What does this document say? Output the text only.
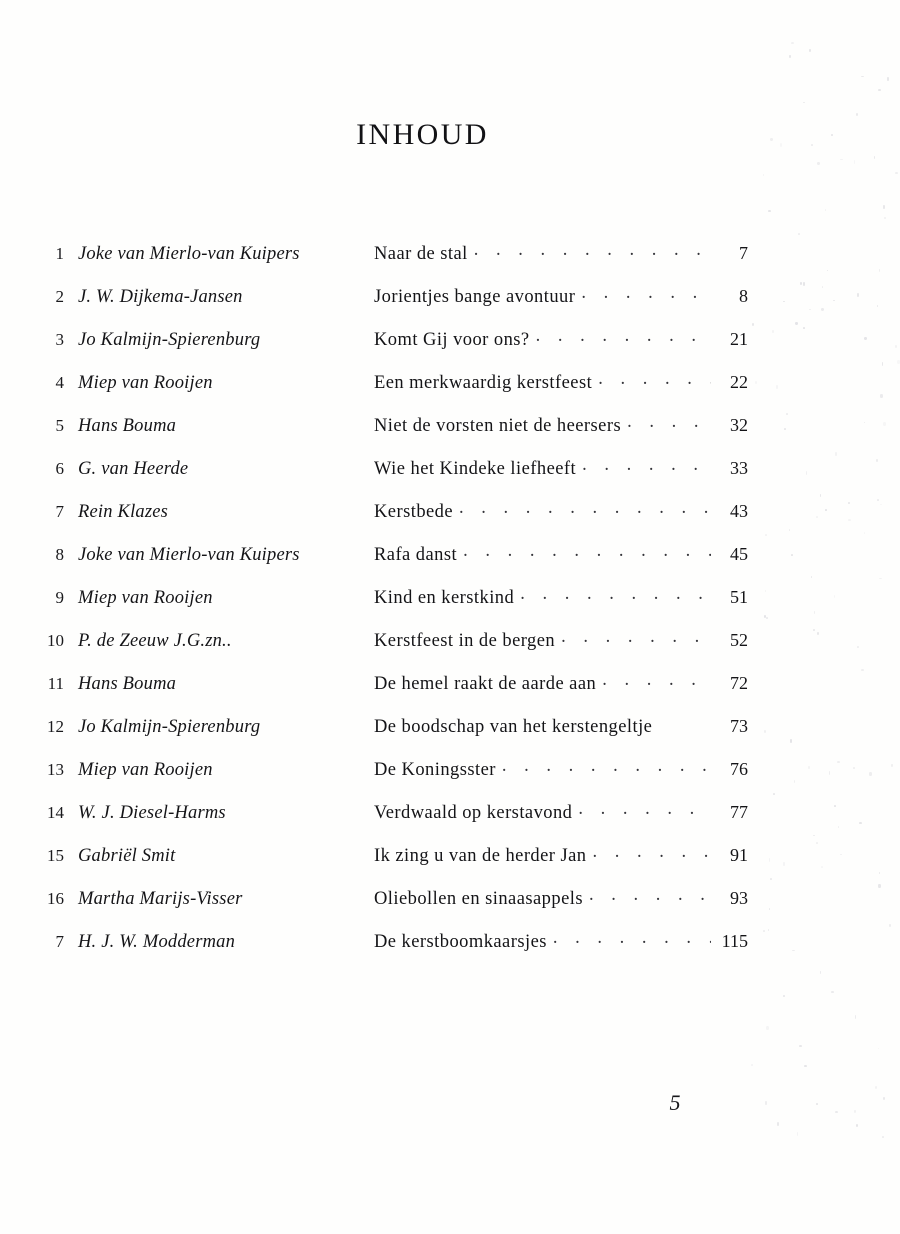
INHOUD
1 Joke van Mierlo-van Kuipers	Naar de stal . . .	7
2 J. W. Dijkema-Jansen	Jorientjes bange avontuur . . .	8
3 Jo Kalmijn-Spierenburg	Komt Gij voor ons? . . .	21
4 Miep van Rooijen	Een merkwaardig kerstfeest . . .	22
5 Hans Bouma	Niet de vorsten niet de heersers . . .	32
6 G. van Heerde	Wie het Kindeke liefheeft . . .	33
7 Rein Klazes	Kerstbede . . .	43
8 Joke van Mierlo-van Kuipers	Rafa danst . . .	45
9 Miep van Rooijen	Kind en kerstkind . . .	51
10 P. de Zeeuw J.G.zn..	Kerstfeest in de bergen . . .	52
11 Hans Bouma	De hemel raakt de aarde aan . . .	72
12 Jo Kalmijn-Spierenburg	De boodschap van het kerstengeltje	73
13 Miep van Rooijen	De Koningsster . . .	76
14 W. J. Diesel-Harms	Verdwaald op kerstavond . . .	77
15 Gabriël Smit	Ik zing u van de herder Jan . . .	91
16 Martha Marijs-Visser	Oliebollen en sinaasappels . . .	93
7 H. J. W. Modderman	De kerstboomkaarsjes . . .	115
5
